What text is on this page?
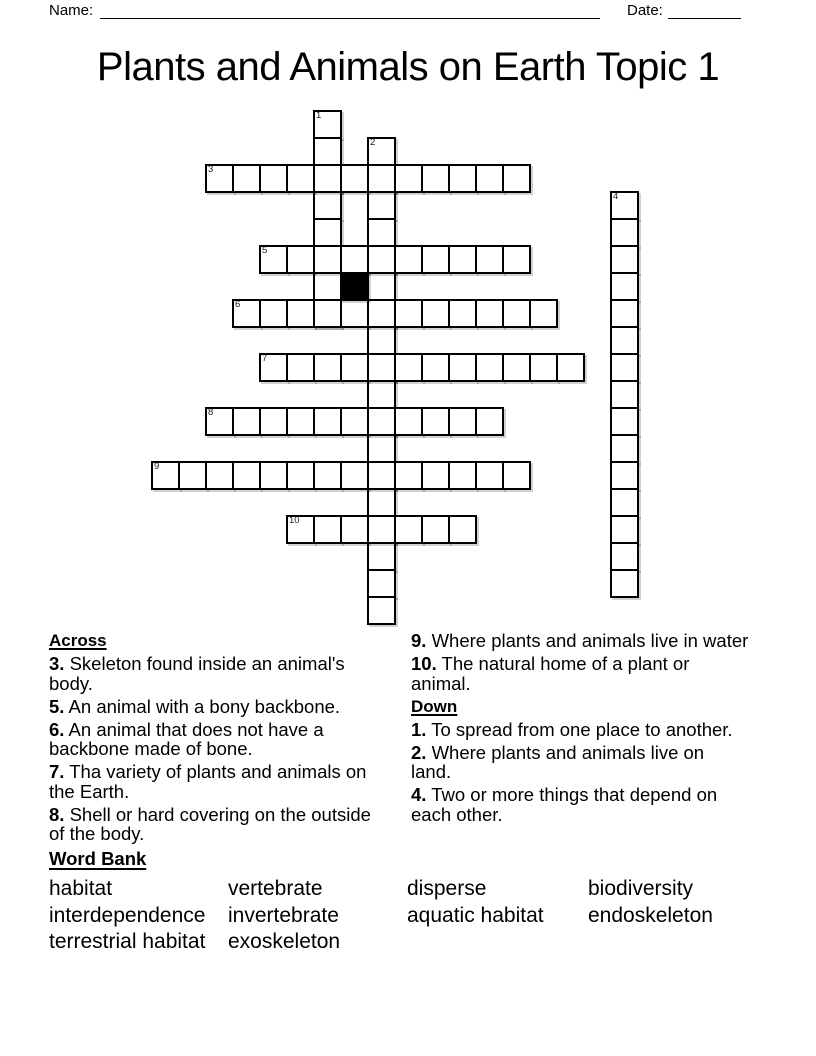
Name:	Date:
Plants and Animals on Earth Topic 1
1
2
3
4
5
6
7
8
9
10
Across

3. Skeleton found inside an animal's body.

5. An animal with a bony backbone.

6. An animal that does not have a backbone made of bone.

7. Tha variety of plants and animals on the Earth.

8. Shell or hard covering on the outside of the body.

9. Where plants and animals live in water

10. The natural home of a plant or animal.

Down

1. To spread from one place to another.

2. Where plants and animals live on land.

4. Two or more things that depend on each other.

Word Bank
habitat	vertebrate	disperse	biodiversity
interdependence	invertebrate	aquatic habitat	endoskeleton
terrestrial habitat	exoskeleton
